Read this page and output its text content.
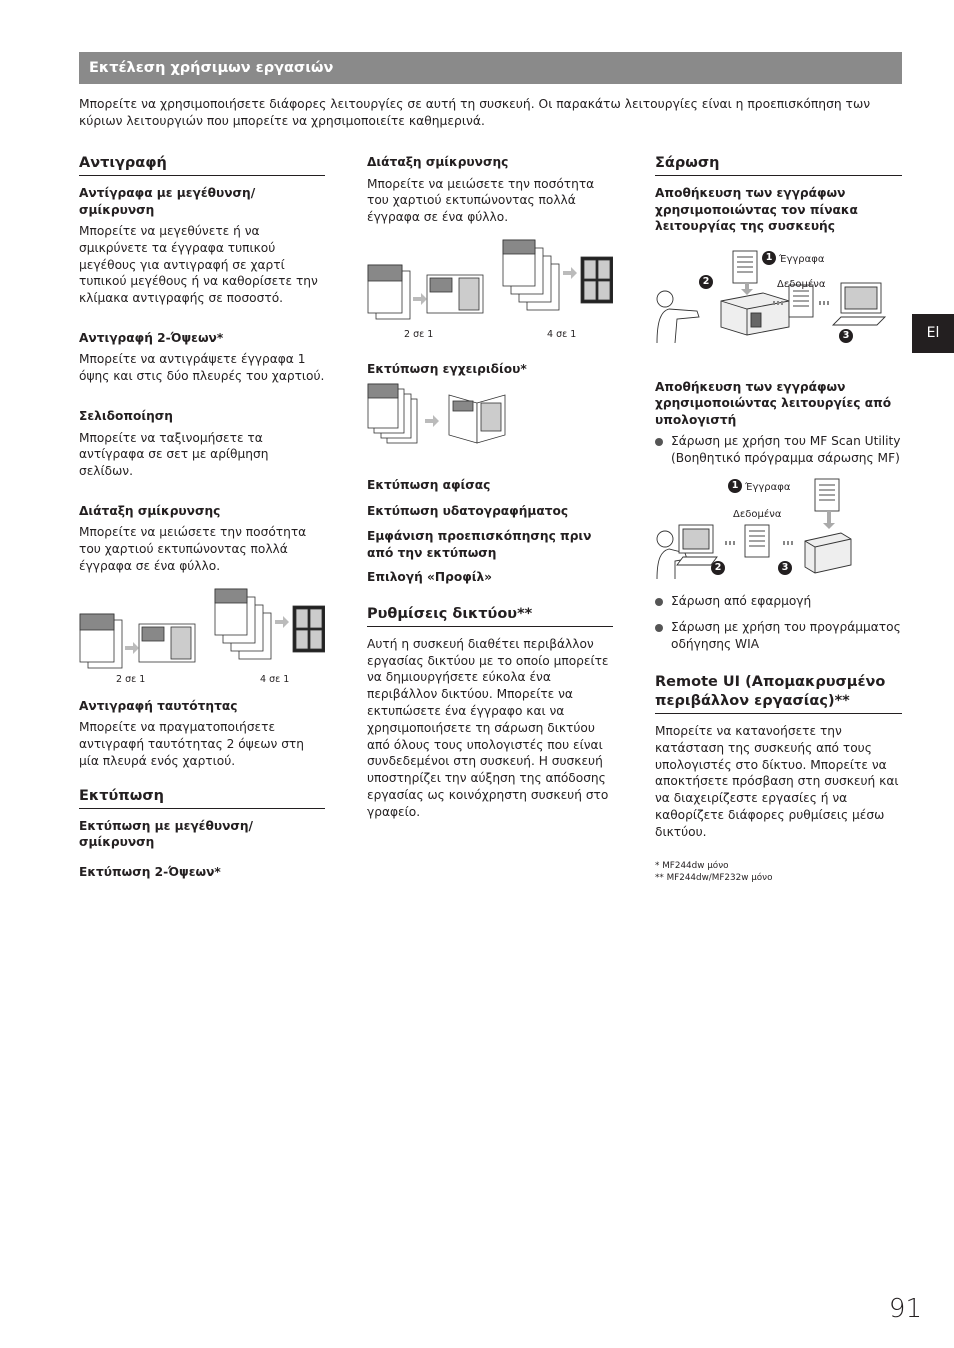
Εκτέλεση χρήσιμων εργασιών

Μπορείτε να χρησιμοποιήσετε διάφορες λειτουργίες σε αυτή τη συσκευή. Οι παρακάτω λειτουργίες είναι η προεπισκόπηση των κύριων λειτουργιών που μπορείτε να χρησιμοποιείτε καθημερινά.

Αντιγραφή
Αντίγραφα με μεγέθυνση/σμίκρυνση

Μπορείτε να μεγεθύνετε ή να σμικρύνετε τα έγγραφα τυπικού μεγέθους για αντιγραφή σε χαρτί τυπικού μεγέθους ή να καθορίσετε την κλίμακα αντιγραφής σε ποσοστό.

Αντιγραφή 2-Όψεων*

Μπορείτε να αντιγράψετε έγγραφα 1 όψης και στις δύο πλευρές του χαρτιού.

Σελιδοποίηση

Μπορείτε να ταξινομήσετε τα αντίγραφα σε σετ με αρίθμηση σελίδων.

Διάταξη σμίκρυνσης

Μπορείτε να μειώσετε την ποσότητα του χαρτιού εκτυπώνοντας πολλά έγγραφα σε ένα φύλλο.

2 σε 1	4 σε 1
Αντιγραφή ταυτότητας

Μπορείτε να πραγματοποιήσετε αντιγραφή ταυτότητας 2 όψεων στη μία πλευρά ενός χαρτιού.

Εκτύπωση
Εκτύπωση με μεγέθυνση/σμίκρυνση
Εκτύπωση 2-Όψεων*
Διάταξη σμίκρυνσης

Μπορείτε να μειώσετε την ποσότητα του χαρτιού εκτυπώνοντας πολλά έγγραφα σε ένα φύλλο.

2 σε 1	4 σε 1
Εκτύπωση εγχειριδίου*
Εκτύπωση αφίσας
Εκτύπωση υδατογραφήματος
Εμφάνιση προεπισκόπησης πριν από την εκτύπωση
Επιλογή «Προφίλ»
Ρυθμίσεις δικτύου**

Αυτή η συσκευή διαθέτει περιβάλλον εργασίας δικτύου με το οποίο μπορείτε να δημιουργήσετε εύκολα ένα περιβάλλον δικτύου. Μπορείτε να εκτυπώσετε ένα έγγραφο και να χρησιμοποιήσετε τη σάρωση δικτύου από όλους τους υπολογιστές που είναι συνδεδεμένοι στη συσκευή. Η συσκευή υποστηρίζει την αύξηση της απόδοσης εργασίας ως κοινόχρηστη συσκευή στο γραφείο.

Σάρωση
Αποθήκευση των εγγράφων χρησιμοποιώντας τον πίνακα λειτουργίας της συσκευής
1 Έγγραφα
2	Δεδομένα
3
Αποθήκευση των εγγράφων χρησιμοποιώντας λειτουργίες από υπολογιστή
Σάρωση με χρήση του MF Scan Utility (Βοηθητικό πρόγραμμα σάρωσης MF)
1 Έγγραφα
Δεδομένα
2	3
Σάρωση από εφαρμογή
Σάρωση με χρήση του προγράμματος οδήγησης WIA
Remote UI (Απομακρυσμένο περιβάλλον εργασίας)**

Μπορείτε να κατανοήσετε την κατάσταση της συσκευής από τους υπολογιστές στο δίκτυο. Μπορείτε να αποκτήσετε πρόσβαση στη συσκευή και να διαχειρίζεστε εργασίες ή να καθορίζετε διάφορες ρυθμίσεις μέσω δικτύου.

* MF244dw μόνο
** MF244dw/MF232w μόνο
El
91
